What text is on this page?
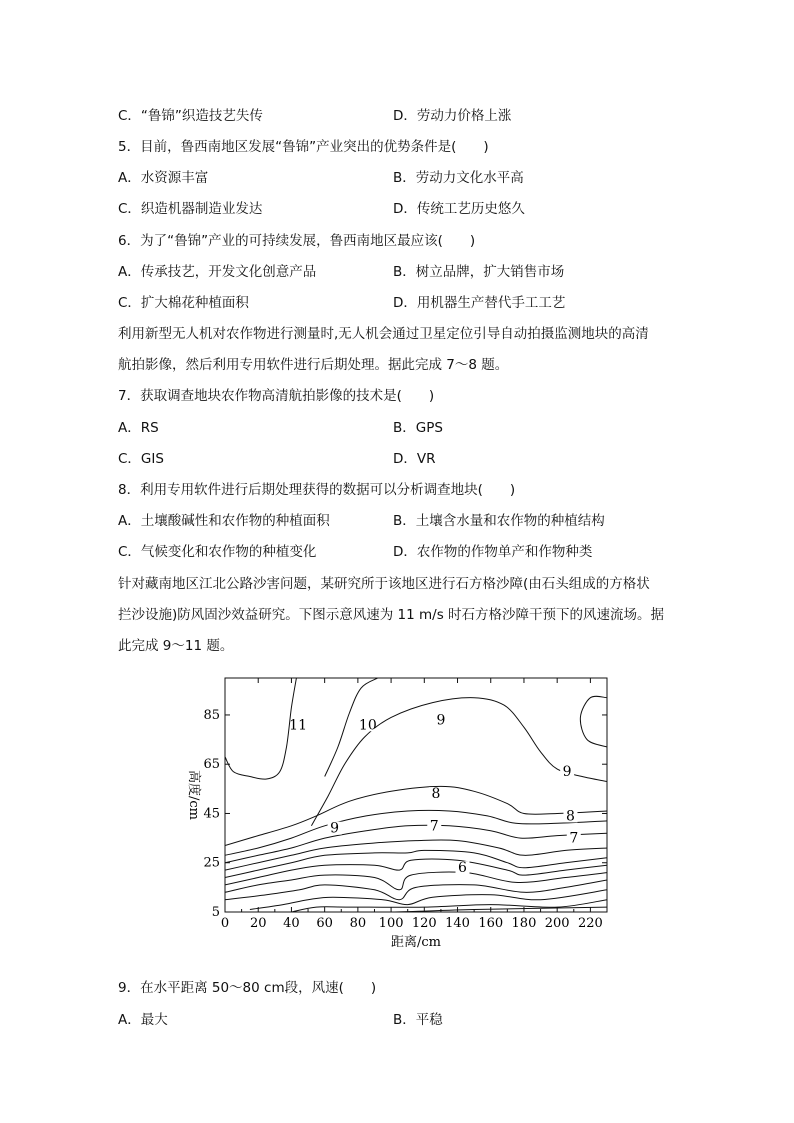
C．“鲁锦”织造技艺失传	D．劳动力价格上涨
5．目前，鲁西南地区发展“鲁锦”产业突出的优势条件是(　　)
A．水资源丰富	B．劳动力文化水平高
C．织造机器制造业发达	D．传统工艺历史悠久
6．为了“鲁锦”产业的可持续发展，鲁西南地区最应该(　　)
A．传承技艺，开发文化创意产品	B．树立品牌，扩大销售市场
C．扩大棉花种植面积	D．用机器生产替代手工工艺
利用新型无人机对农作物进行测量时,无人机会通过卫星定位引导自动拍摄监测地块的高清
航拍影像，然后利用专用软件进行后期处理。据此完成 7～8 题。
7．获取调查地块农作物高清航拍影像的技术是(　　)
A．RS	B．GPS
C．GIS	D．VR
8．利用专用软件进行后期处理获得的数据可以分析调查地块(　　)
A．土壤酸碱性和农作物的种植面积	B．土壤含水量和农作物的种植结构
C．气候变化和农作物的种植变化	D．农作物的作物单产和作物种类
针对藏南地区江北公路沙害问题，某研究所于该地区进行石方格沙障(由石头组成的方格状
拦沙设施)防风固沙效益研究。下图示意风速为 11 m/s 时石方格沙障干预下的风速流场。据
此完成 9～11 题。
0 20 40 60 80 100 120 140 160 180 200 220
5
25
45
65
85
11	10	9
9
9
8
8
7
7
6
高度/cm
距离/cm
9．在水平距离 50～80 cm段，风速(　　)
A．最大	B．平稳
